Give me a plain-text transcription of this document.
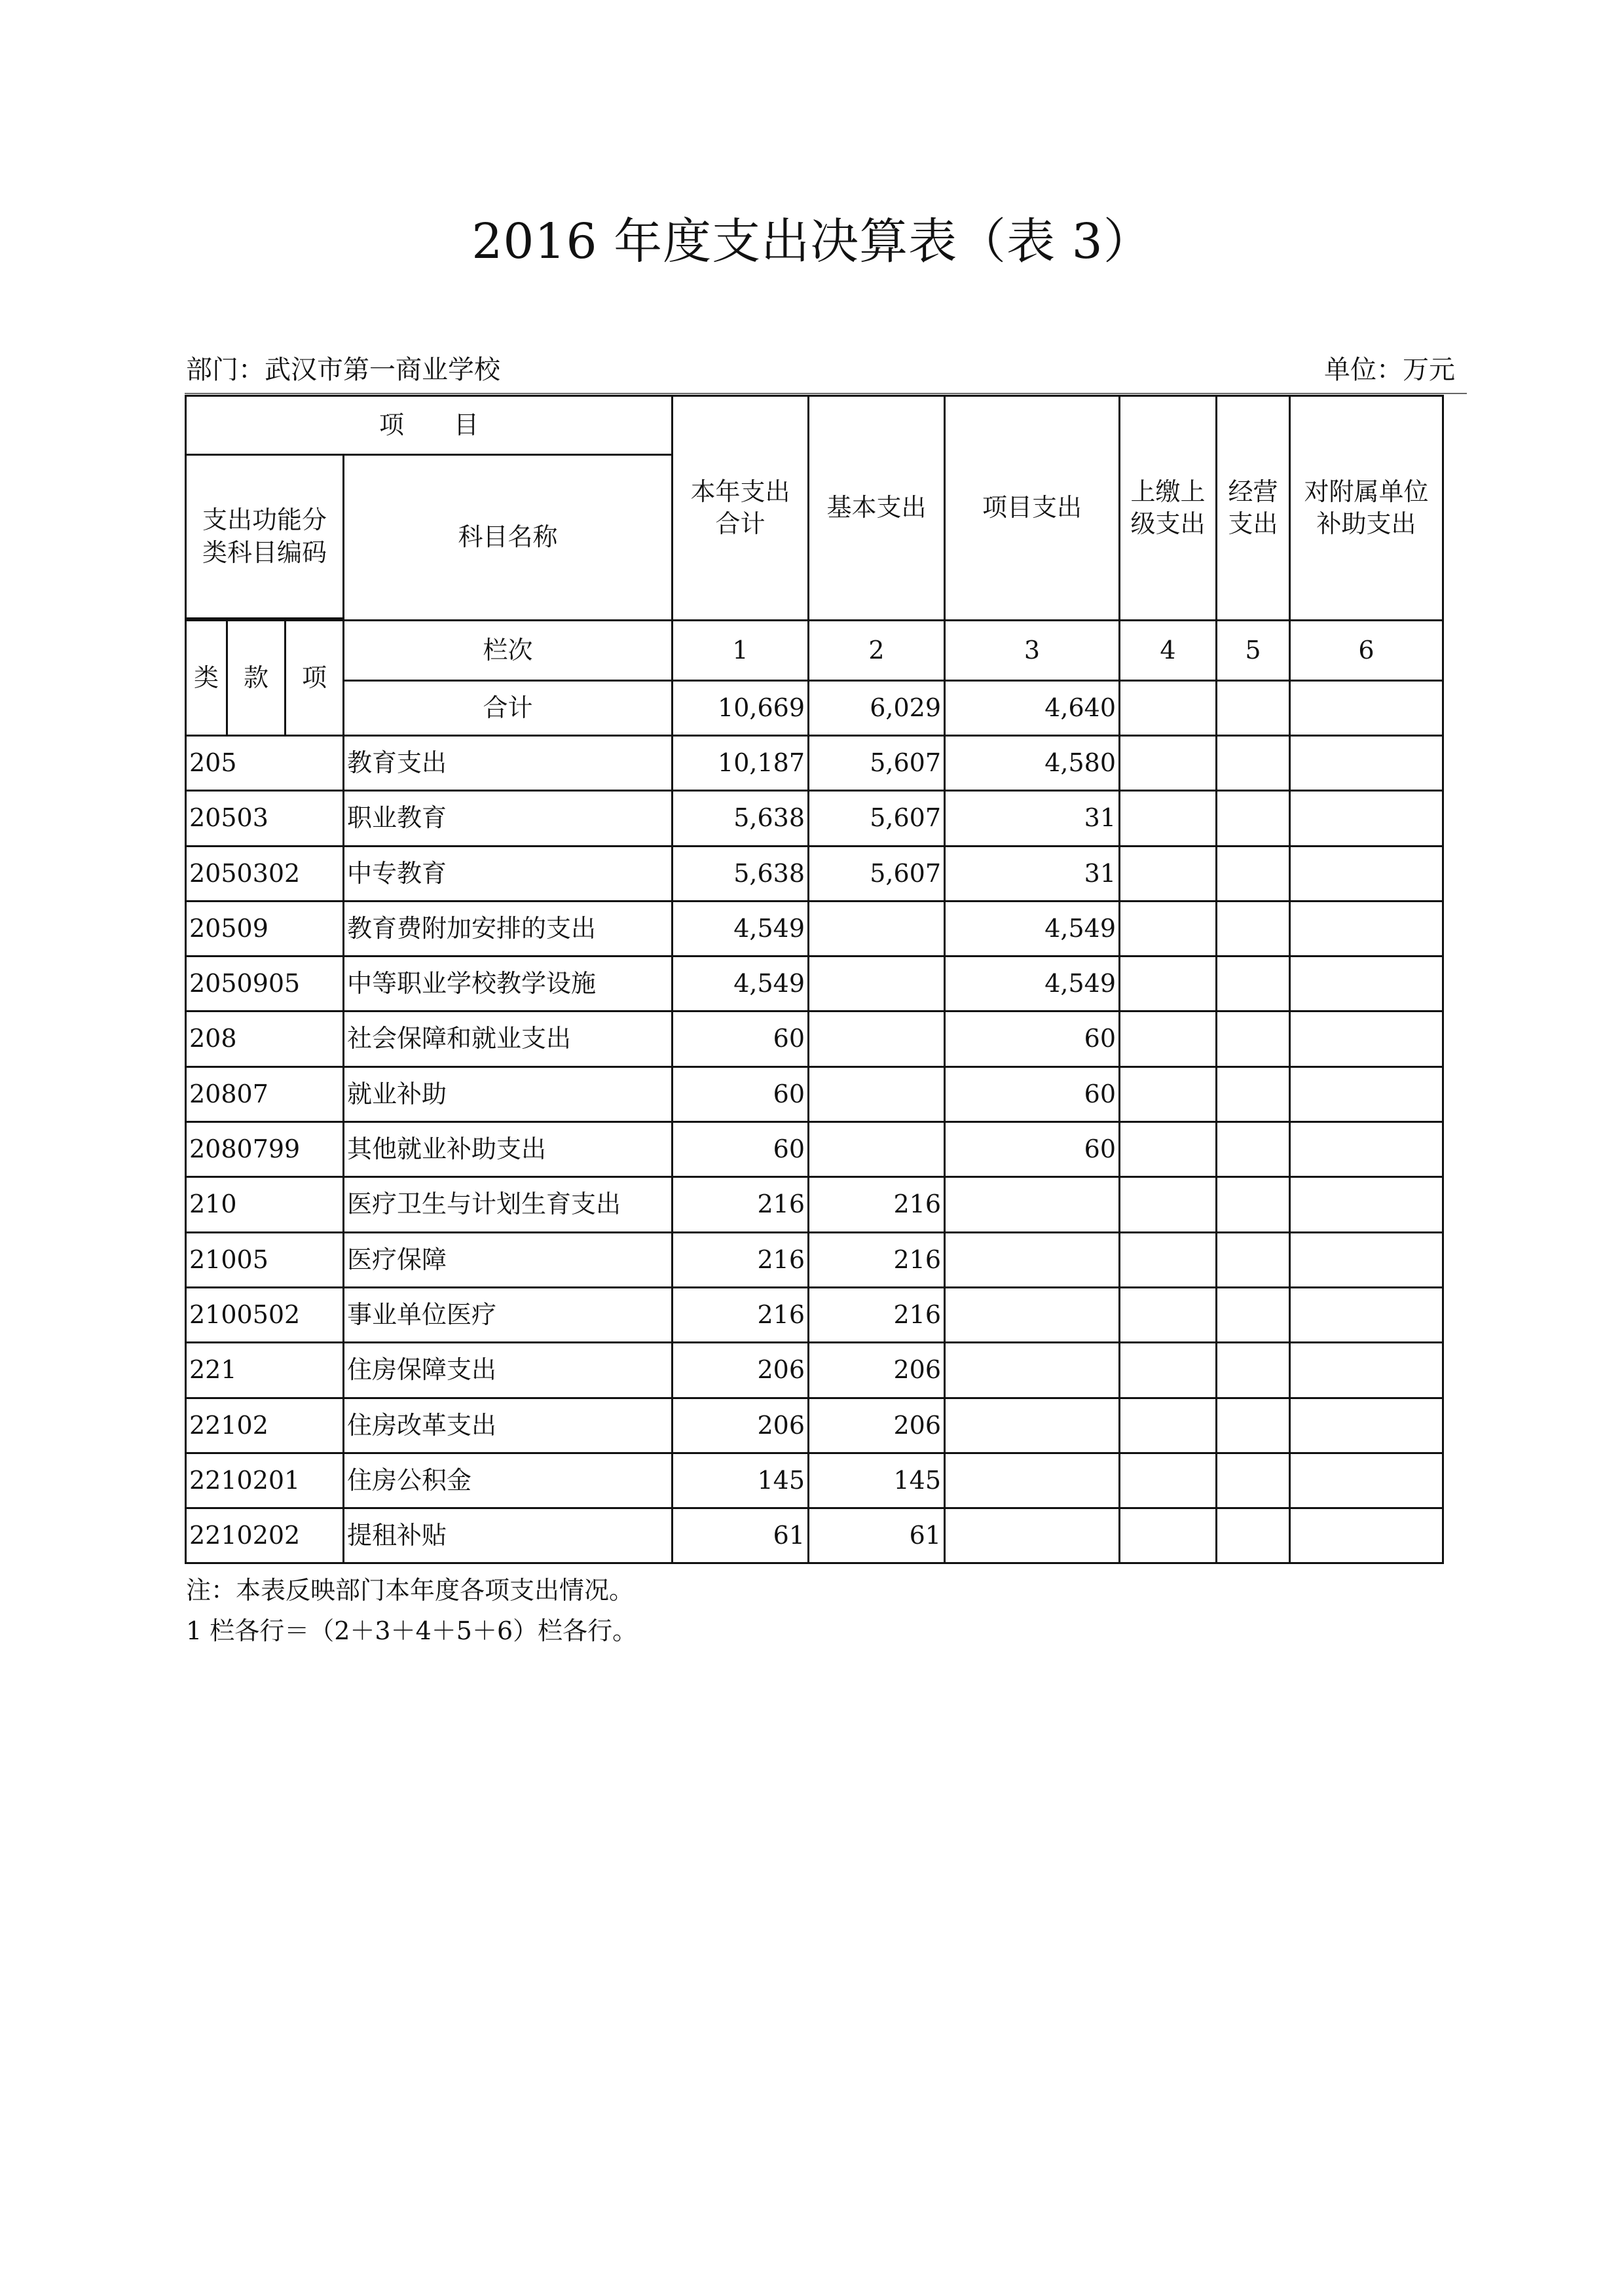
2016 年度支出决算表（表 3）
部门：武汉市第一商业学校	单位：万元
项　　目				本年支出合计	基本支出	项目支出	上缴上级支出	经营支出	对附属单位补助支出
支出功能分类科目编码			科目名称						

类	款	项	栏次	1	2	3	4	5	6
			合计	10,669	6,029	4,640			
205			教育支出	10,187	5,607	4,580			
20503			职业教育	5,638	5,607	31			
2050302			中专教育	5,638	5,607	31			
20509			教育费附加安排的支出	4,549		4,549			
2050905			中等职业学校教学设施	4,549		4,549			
208			社会保障和就业支出	60		60			
20807			就业补助	60		60			
2080799			其他就业补助支出	60		60			
210			医疗卫生与计划生育支出	216	216				
21005			医疗保障	216	216				
2100502			事业单位医疗	216	216				
221			住房保障支出	206	206				
22102			住房改革支出	206	206				
2210201			住房公积金	145	145				
2210202			提租补贴	61	61				
注：本表反映部门本年度各项支出情况。
1 栏各行＝（2＋3＋4＋5＋6）栏各行。
